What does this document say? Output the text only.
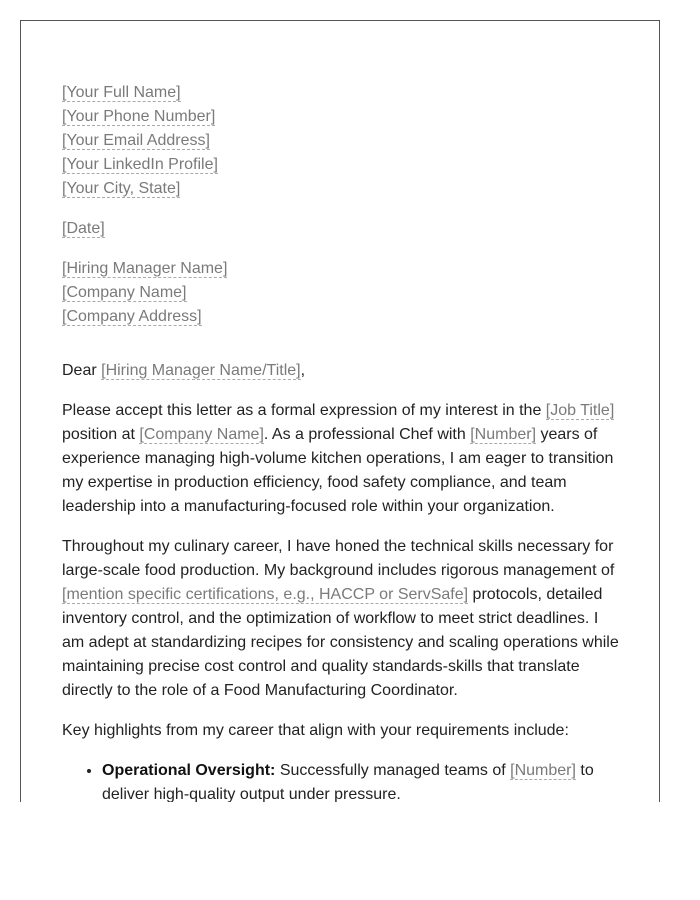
[Your Full Name]
[Your Phone Number]
[Your Email Address]
[Your LinkedIn Profile]
[Your City, State]
[Date]
[Hiring Manager Name]
[Company Name]
[Company Address]
Dear [Hiring Manager Name/Title],

Please accept this letter as a formal expression of my interest in the [Job Title] position at [Company Name]. As a professional Chef with [Number] years of experience managing high-volume kitchen operations, I am eager to transition my expertise in production efficiency, food safety compliance, and team leadership into a manufacturing-focused role within your organization.

Throughout my culinary career, I have honed the technical skills necessary for large-scale food production. My background includes rigorous management of [mention specific certifications, e.g., HACCP or ServSafe] protocols, detailed inventory control, and the optimization of workflow to meet strict deadlines. I am adept at standardizing recipes for consistency and scaling operations while maintaining precise cost control and quality standards-skills that translate directly to the role of a Food Manufacturing Coordinator.

Key highlights from my career that align with your requirements include:

• Operational Oversight: Successfully managed teams of [Number] to deliver high-quality output under pressure.
